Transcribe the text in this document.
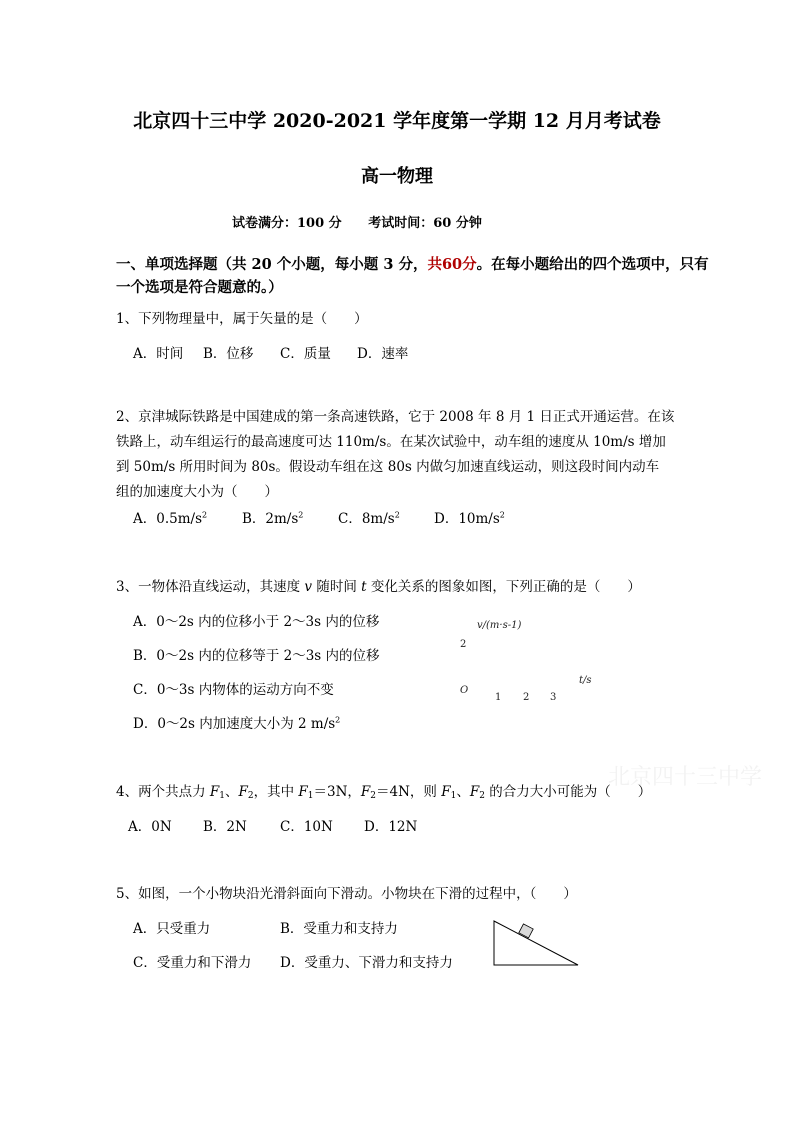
北京四十三中学 2020-2021 学年度第一学期 12 月月考试卷
高一物理
试卷满分：100 分 考试时间：60 分钟
一、单项选择题（共 20 个小题，每小题 3 分，共60分。在每小题给出的四个选项中，只有
一个选项是符合题意的。）
1、下列物理量中，属于矢量的是（　　）
A．时间 B．位移 C．质量 D．速率
2、京津城际铁路是中国建成的第一条高速铁路，它于 2008 年 8 月 1 日正式开通运营。在该
铁路上，动车组运行的最高速度可达 110m/s。在某次试验中，动车组的速度从 10m/s 增加
到 50m/s 所用时间为 80s。假设动车组在这 80s 内做匀加速直线运动，则这段时间内动车
组的加速度大小为（　　）
A．$0.5m/s^2$	B．$2m/s^2$	C．$8m/s^2$	D．$10m/s^2$
3、一物体沿直线运动，其速度 v 随时间 t 变化关系的图象如图，下列正确的是（　　）
A．0～2s 内的位移小于 2～3s 内的位移
B．0～2s 内的位移等于 2～3s 内的位移
C．0～3s 内物体的运动方向不变
D．0～2s 内加速度大小为 2 $m/s^2$
v/(m·s-1)
2
t/s
O
1 2 3
北京四十三中学
4、两个共点力 $F_1$、$F_2$，其中 $F_1=3N$，$F_2=4N$，则 $F_1$、$F_2$ 的合力大小可能为（　　）
A．0N B．2N C．10N D．12N
5、如图，一个小物块沿光滑斜面向下滑动。小物块在下滑的过程中，（　　）
A．只受重力	B．受重力和支持力
C．受重力和下滑力 D．受重力、下滑力和支持力
